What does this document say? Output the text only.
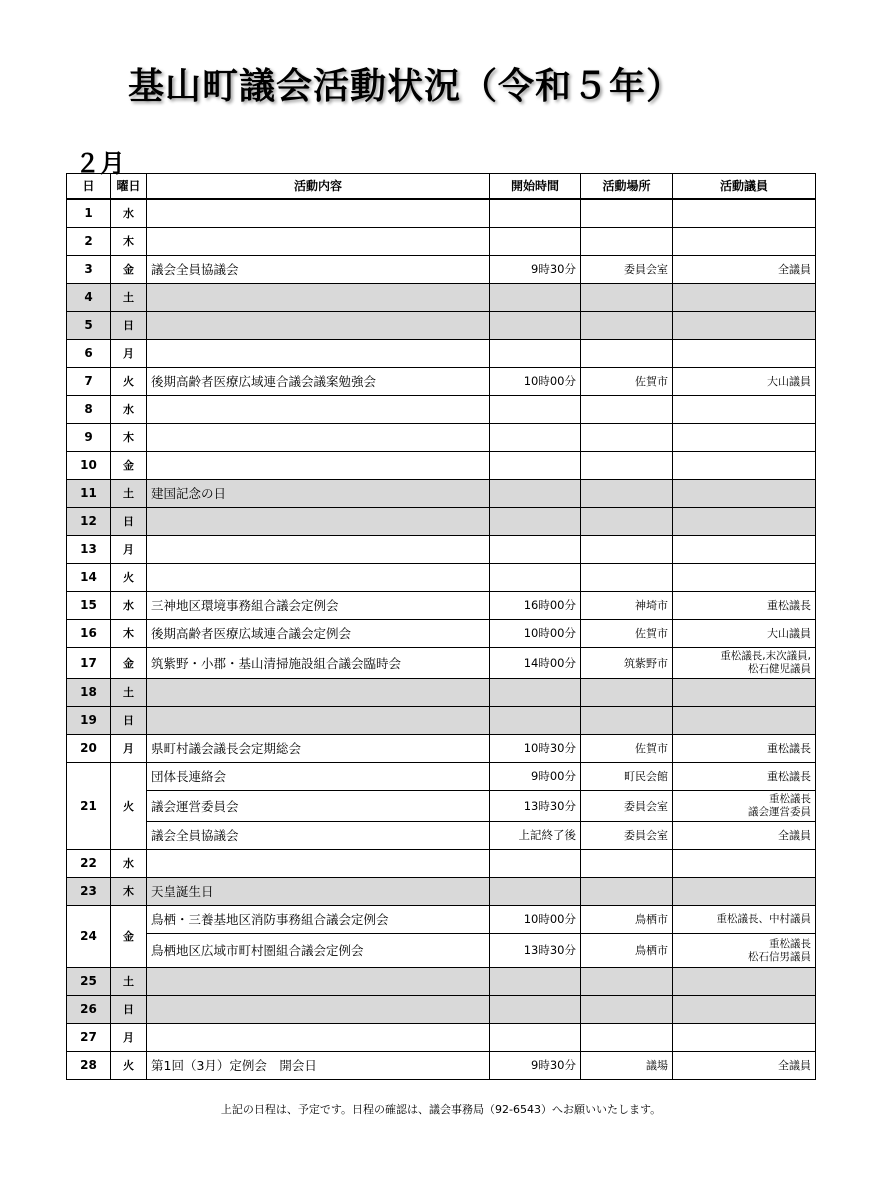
基山町議会活動状況（令和５年）
２月
日	曜日	活動内容	開始時間	活動場所	活動議員
1	水				
2	木				
3	金	議会全員協議会	9時30分	委員会室	全議員
4	土				
5	日				
6	月				
7	火	後期高齢者医療広域連合議会議案勉強会	10時00分	佐賀市	大山議員
8	水				
9	木				
10	金				
11	土	建国記念の日			
12	日				
13	月				
14	火				
15	水	三神地区環境事務組合議会定例会	16時00分	神埼市	重松議長
16	木	後期高齢者医療広域連合議会定例会	10時00分	佐賀市	大山議員
17	金	筑紫野・小郡・基山清掃施設組合議会臨時会	14時00分	筑紫野市	重松議長,末次議員,
松石健児議員

18	土				
19	日				
20	月	県町村議会議長会定期総会	10時30分	佐賀市	重松議長
21	火	団体長連絡会	9時00分	町民会館	重松議長
		議会運営委員会	13時30分	委員会室	重松議長
議会運営委員

		議会全員協議会	上記終了後	委員会室	全議員
22	水				
23	木	天皇誕生日			
24	金	鳥栖・三養基地区消防事務組合議会定例会	10時00分	鳥栖市	重松議長、中村議員
		鳥栖地区広域市町村圏組合議会定例会	13時30分	鳥栖市	重松議長
松石信男議員

25	土				
26	日				
27	月				
28	火	第1回（3月）定例会　開会日	9時30分	議場	全議員
上記の日程は、予定です。日程の確認は、議会事務局（92-6543）へお願いいたします。
